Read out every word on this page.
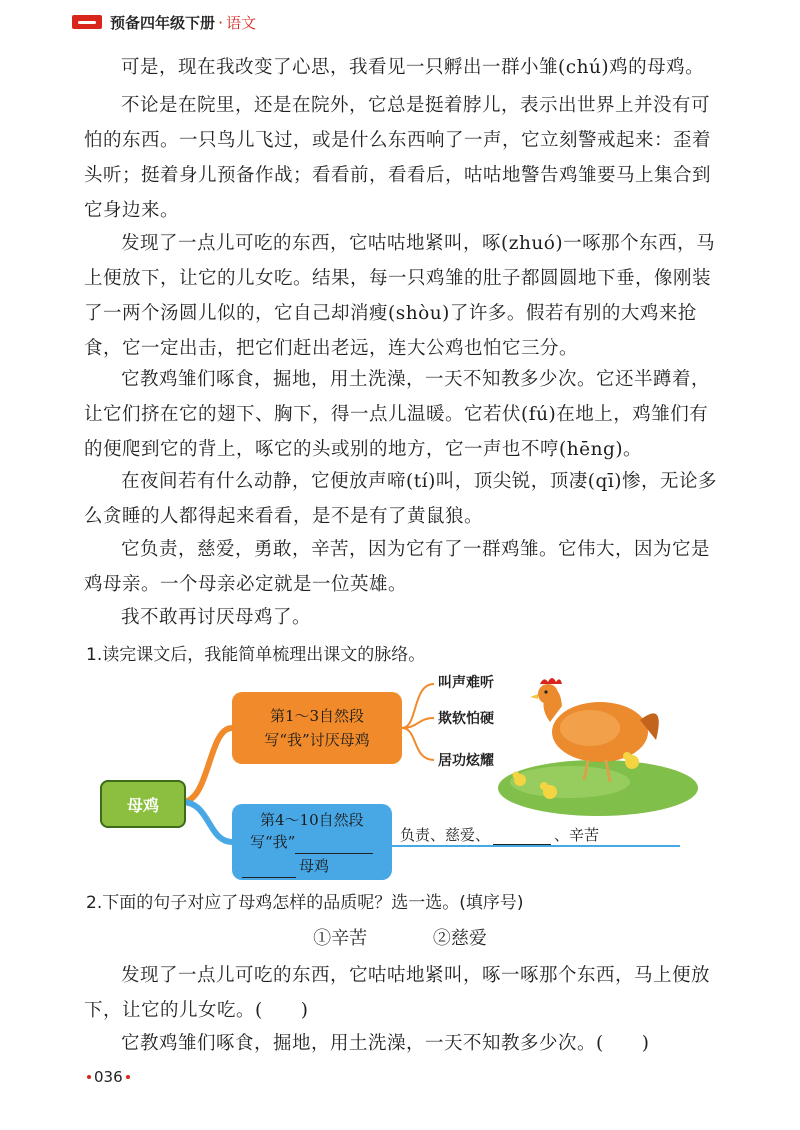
预备四年级下册 · 语文

可是，现在我改变了心思，我看见一只孵出一群小雏(chú)鸡的母鸡。

不论是在院里，还是在院外，它总是挺着脖儿，表示出世界上并没有可怕的东西。一只鸟儿飞过，或是什么东西响了一声，它立刻警戒起来：歪着头听；挺着身儿预备作战；看看前，看看后，咕咕地警告鸡雏要马上集合到它身边来。

发现了一点儿可吃的东西，它咕咕地紧叫，啄(zhuó)一啄那个东西，马上便放下，让它的儿女吃。结果，每一只鸡雏的肚子都圆圆地下垂，像刚装了一两个汤圆儿似的，它自己却消瘦(shòu)了许多。假若有别的大鸡来抢食，它一定出击，把它们赶出老远，连大公鸡也怕它三分。

它教鸡雏们啄食，掘地，用土洗澡，一天不知教多少次。它还半蹲着，让它们挤在它的翅下、胸下，得一点儿温暖。它若伏(fú)在地上，鸡雏们有的便爬到它的背上，啄它的头或别的地方，它一声也不哼(hēng)。

在夜间若有什么动静，它便放声啼(tí)叫，顶尖锐，顶凄(qī)惨，无论多么贪睡的人都得起来看看，是不是有了黄鼠狼。

它负责，慈爱，勇敢，辛苦，因为它有了一群鸡雏。它伟大，因为它是鸡母亲。一个母亲必定就是一位英雄。

我不敢再讨厌母鸡了。

1.读完课文后，我能简单梳理出课文的脉络。

母鸡
第1～3自然段
写“我”讨厌母鸡
叫声难听
欺软怕硬
居功炫耀
第4～10自然段
写“我”
母鸡
负责、慈爱、	、辛苦

2.下面的句子对应了母鸡怎样的品质呢？选一选。(填序号)

①辛苦	②慈爱

发现了一点儿可吃的东西，它咕咕地紧叫，啄一啄那个东西，马上便放下，让它的儿女吃。(　　)

它教鸡雏们啄食，掘地，用土洗澡，一天不知教多少次。(　　)

036
